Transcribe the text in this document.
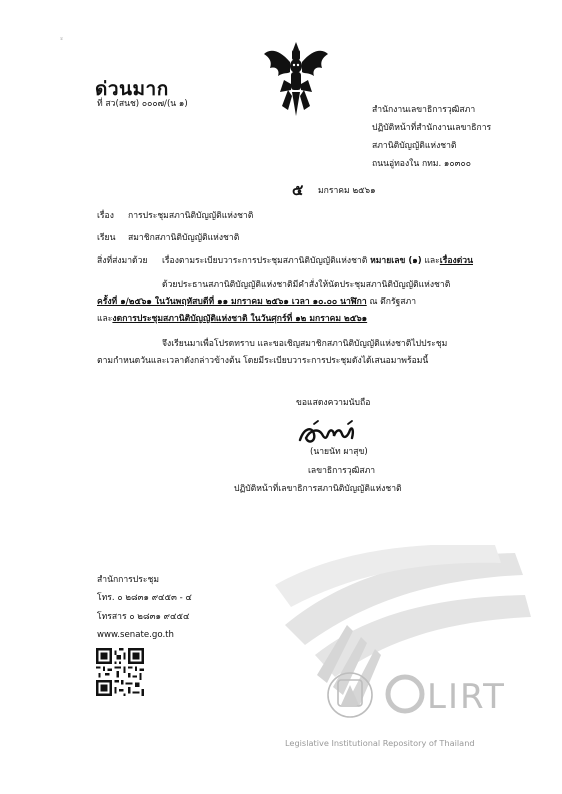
ะ
ด่วนมาก
ที่ สว(สนช) ๐๐๐๗/(น ๑)
สำนักงานเลขาธิการวุฒิสภา
ปฏิบัติหน้าที่สำนักงานเลขาธิการ
สภานิติบัญญัติแห่งชาติ
ถนนอู่ทองใน กทม. ๑๐๓๐๐
๕ มกราคม ๒๕๖๑
เรื่อง การประชุมสภานิติบัญญัติแห่งชาติ
เรียน สมาชิกสภานิติบัญญัติแห่งชาติ
สิ่งที่ส่งมาด้วย เรื่องตามระเบียบวาระการประชุมสภานิติบัญญัติแห่งชาติ หมายเลข (๑) และเรื่องด่วน
ด้วยประธานสภานิติบัญญัติแห่งชาติมีคำสั่งให้นัดประชุมสภานิติบัญญัติแห่งชาติ
ครั้งที่ ๑/๒๕๖๑ ในวันพฤหัสบดีที่ ๑๑ มกราคม ๒๕๖๑ เวลา ๑๐.๐๐ นาฬิกา ณ ตึกรัฐสภา
และงดการประชุมสภานิติบัญญัติแห่งชาติ ในวันศุกร์ที่ ๑๒ มกราคม ๒๕๖๑
จึงเรียนมาเพื่อโปรดทราบ และขอเชิญสมาชิกสภานิติบัญญัติแห่งชาติไปประชุม
ตามกำหนดวันและเวลาดังกล่าวข้างต้น โดยมีระเบียบวาระการประชุมดังได้เสนอมาพร้อมนี้
ขอแสดงความนับถือ
(นายนัท ผาสุข)
เลขาธิการวุฒิสภา
ปฏิบัติหน้าที่เลขาธิการสภานิติบัญญัติแห่งชาติ
สำนักการประชุม
โทร. ๐ ๒๘๓๑ ๙๔๕๓ - ๔
โทรสาร ๐ ๒๘๓๑ ๙๔๕๔
www.senate.go.th
LIRT
Legislative Institutional Repository of Thailand
